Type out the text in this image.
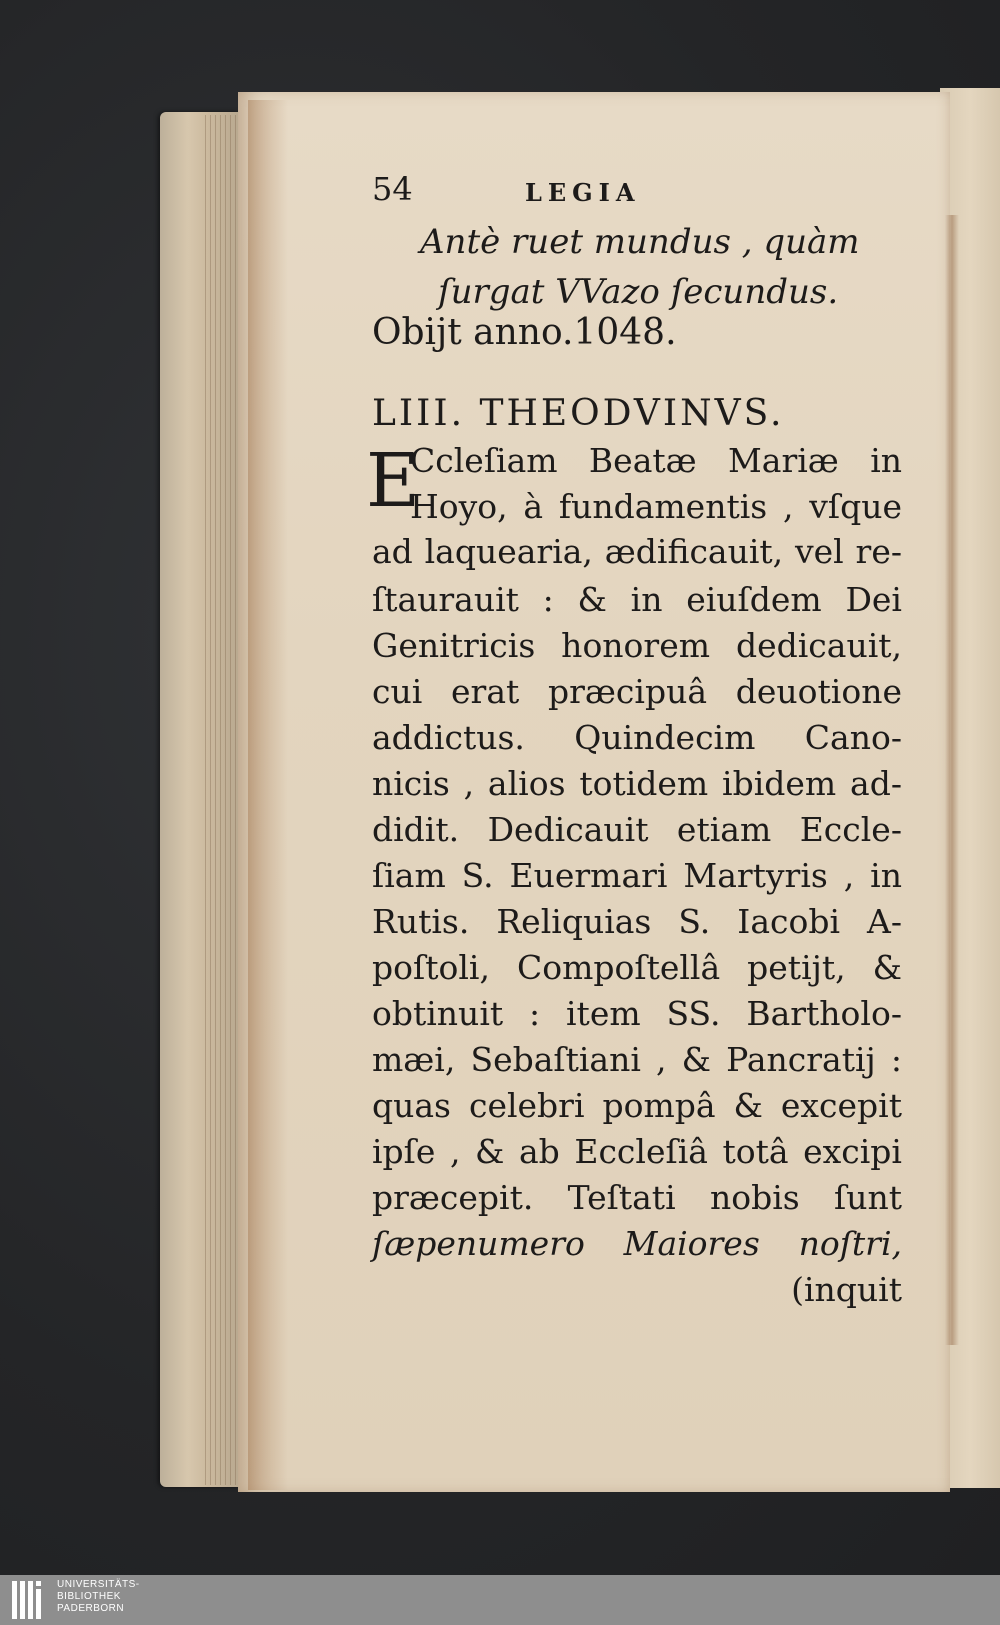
54	LEGIA
Antè ruet mundus , quàm
ſurgat VVazo ſecundus.
Obijt anno.1048.
LIII. THEODVINVS.
E
Ccleſiam Beatæ Mariæ in
Hoyo, à fundamentis , vſque
ad laquearia, ædificauit, vel re-
ſtaurauit : & in eiuſdem Dei
Genitricis honorem dedicauit,
cui erat præcipuâ deuotione
addictus. Quindecim Cano-
nicis , alios totidem ibidem ad-
didit. Dedicauit etiam Eccle-
ſiam S. Euermari Martyris , in
Rutis. Reliquias S. Iacobi A-
poſtoli, Compoſtellâ petijt, &
obtinuit : item SS. Bartholo-
mæi, Sebaſtiani , & Pancratij :
quas celebri pompâ & excepit
ipſe , & ab Eccleſiâ totâ excipi
præcepit. Teſtati nobis ſunt
ſæpenumero Maiores noſtri,
(inquit
UNIVERSITÄTS-
BIBLIOTHEK
PADERBORN
